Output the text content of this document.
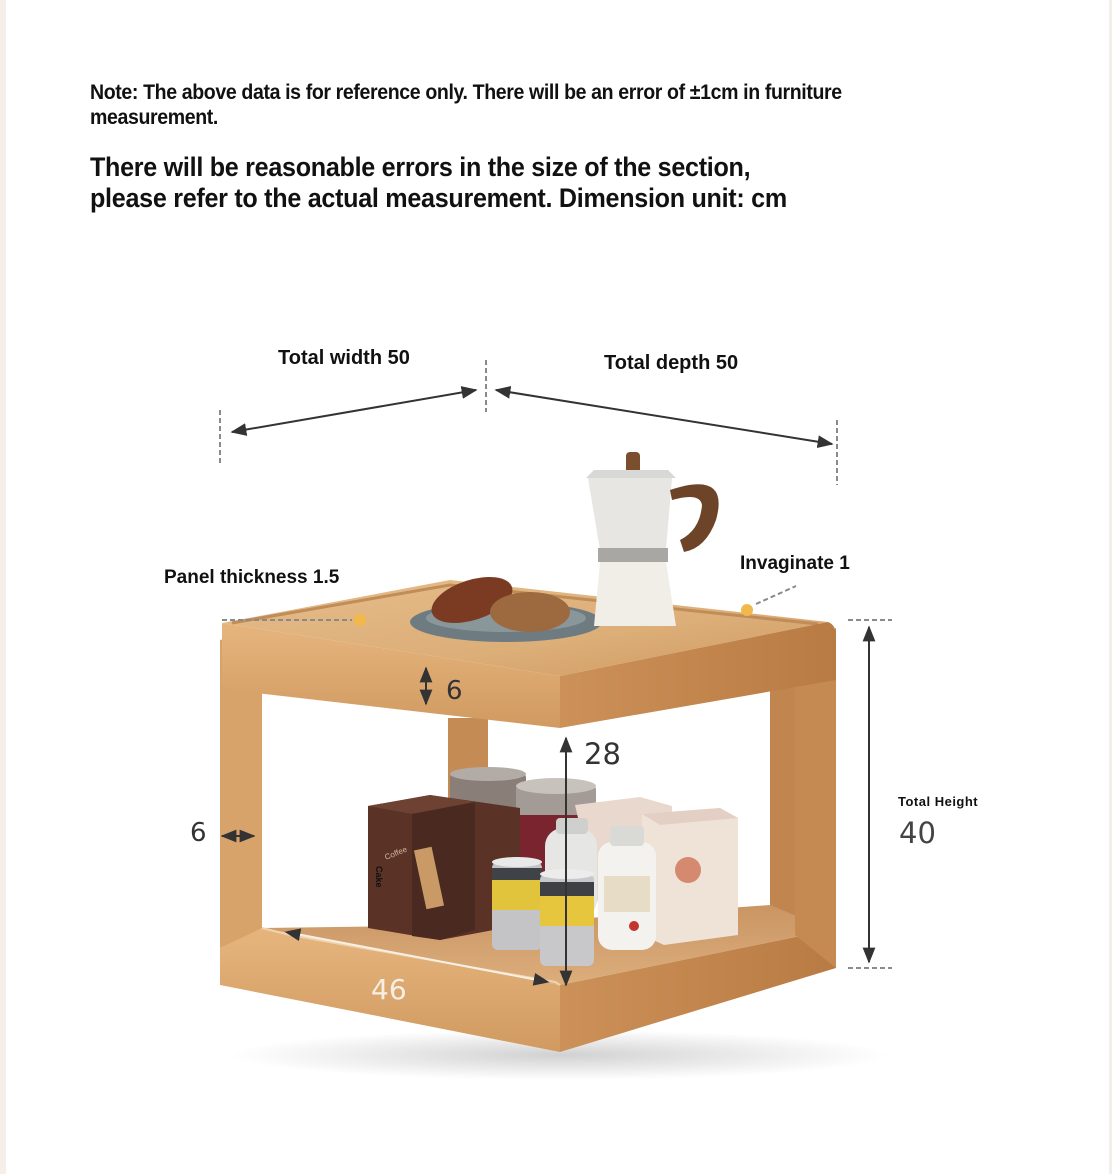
Note: The above data is for reference only. There will be an error of ±1cm in furniture measurement.
There will be reasonable errors in the size of the section,
please refer to the actual measurement. Dimension unit: cm
Coffee
Cake
Total width 50	Total depth 50
Panel thickness 1.5
Invaginate 1
Total Height
40
6
28
6
46
